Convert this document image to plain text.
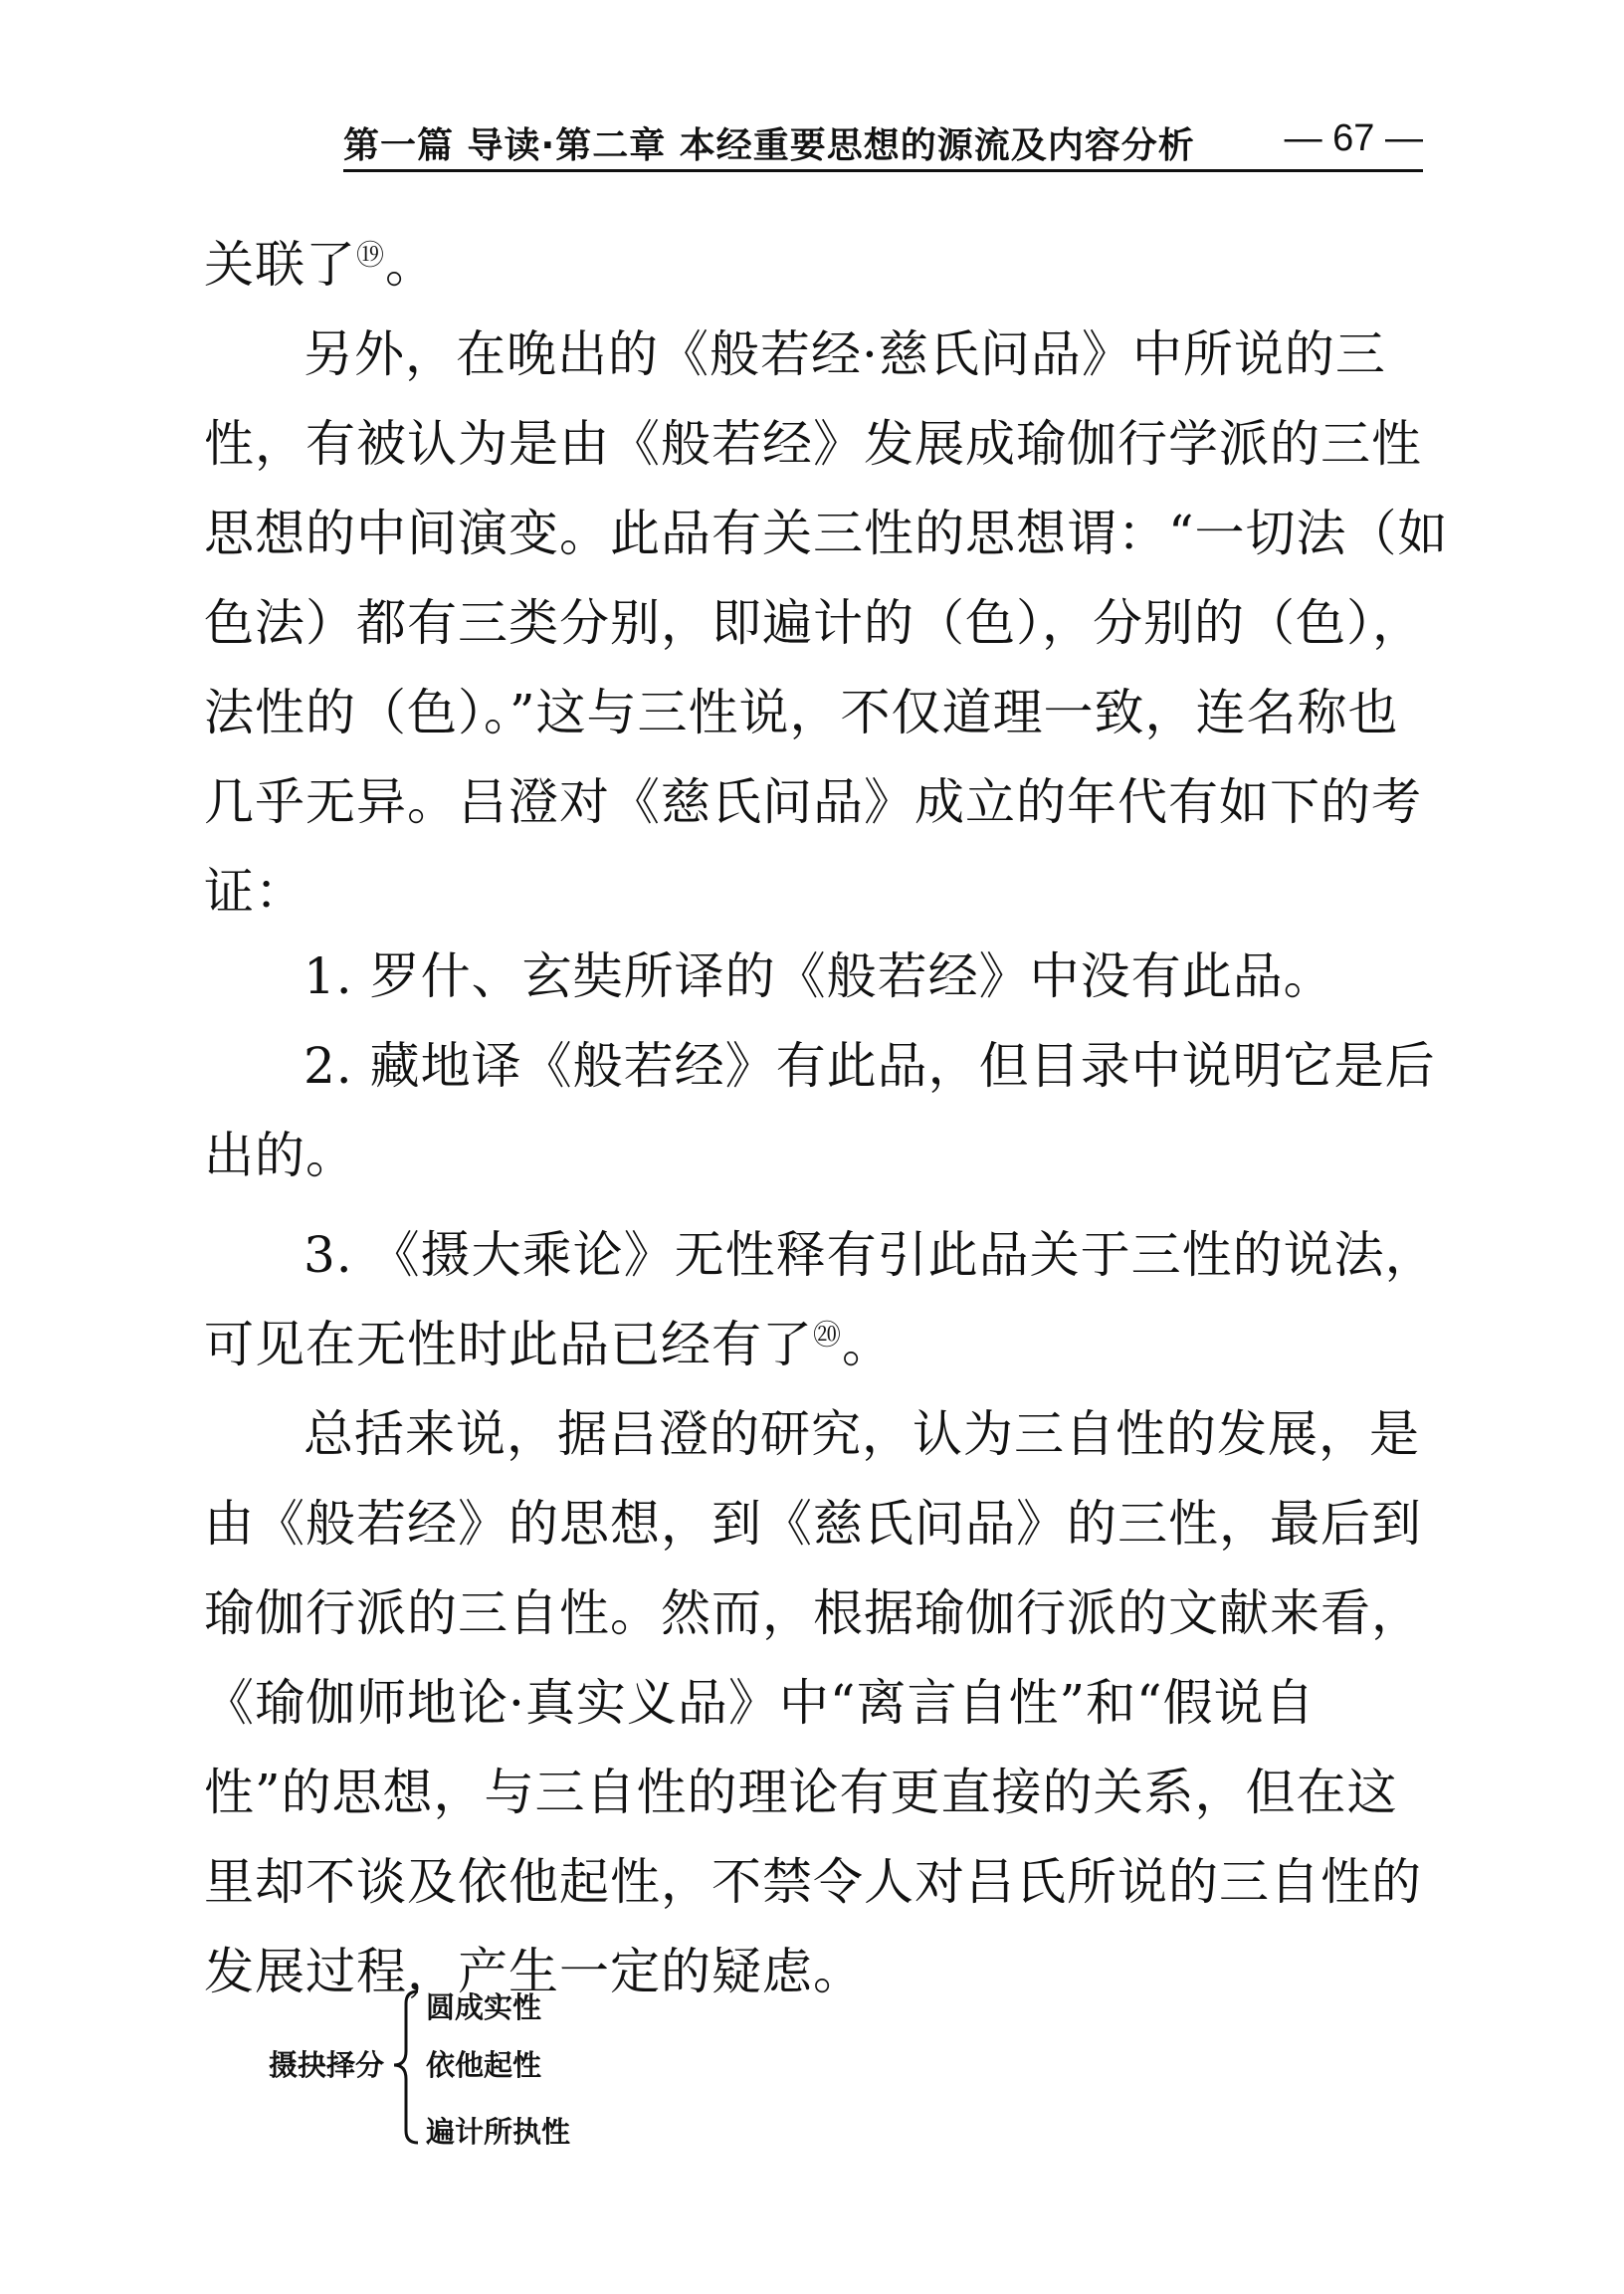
第一篇 导读·第二章 本经重要思想的源流及内容分析 — 67 —
关联了⑲。
另外，在晚出的《般若经·慈氏问品》中所说的三
性，有被认为是由《般若经》发展成瑜伽行学派的三性
思想的中间演变。此品有关三性的思想谓：“一切法（如
色法）都有三类分别，即遍计的（色），分别的（色），
法性的（色）。”这与三性说，不仅道理一致，连名称也
几乎无异。吕澄对《慈氏问品》成立的年代有如下的考
证：
1. 罗什、玄奘所译的《般若经》中没有此品。
2. 藏地译《般若经》有此品，但目录中说明它是后
出的。
3. 《摄大乘论》无性释有引此品关于三性的说法，
可见在无性时此品已经有了⑳。
总括来说，据吕澄的研究，认为三自性的发展，是
由《般若经》的思想，到《慈氏问品》的三性，最后到
瑜伽行派的三自性。然而，根据瑜伽行派的文献来看，
《瑜伽师地论·真实义品》中“离言自性”和“假说自
性”的思想，与三自性的理论有更直接的关系，但在这
里却不谈及依他起性，不禁令人对吕氏所说的三自性的
发展过程，产生一定的疑虑。
摄抉择分
圆成实性
依他起性
遍计所执性
